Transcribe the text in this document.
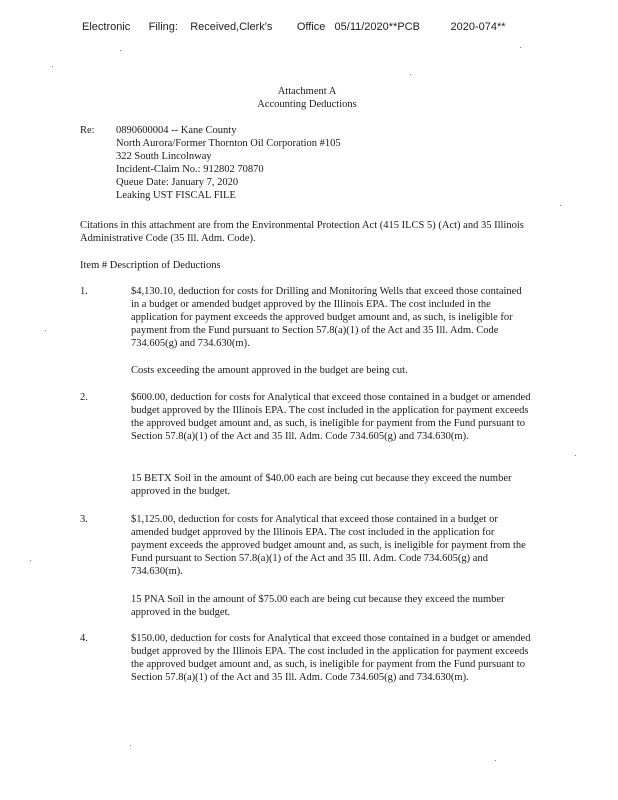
Electronic      Filing:    Received,Clerk's        Office   05/11/2020**PCB          2020-074**
Attachment A
Accounting Deductions
Re: 0890600004 -- Kane County
North Aurora/Former Thornton Oil Corporation #105
322 South Lincolnway
Incident-Claim No.: 912802 70870
Queue Date: January 7, 2020
Leaking UST FISCAL FILE
Citations in this attachment are from the Environmental Protection Act (415 ILCS 5) (Act) and 35 Illinois Administrative Code (35 Ill. Adm. Code).
Item # Description of Deductions
1.	$4,130.10, deduction for costs for Drilling and Monitoring Wells that exceed those contained in a budget or amended budget approved by the Illinois EPA. The cost included in the application for payment exceeds the approved budget amount and, as such, is ineligible for payment from the Fund pursuant to Section 57.8(a)(1) of the Act and 35 Ill. Adm. Code 734.605(g) and 734.630(m).
Costs exceeding the amount approved in the budget are being cut.
2.	$600.00, deduction for costs for Analytical that exceed those contained in a budget or amended budget approved by the Illinois EPA. The cost included in the application for payment exceeds the approved budget amount and, as such, is ineligible for payment from the Fund pursuant to Section 57.8(a)(1) of the Act and 35 Ill. Adm. Code 734.605(g) and 734.630(m).
15 BETX Soil in the amount of $40.00 each are being cut because they exceed the number approved in the budget.
3.	$1,125.00, deduction for costs for Analytical that exceed those contained in a budget or amended budget approved by the Illinois EPA. The cost included in the application for payment exceeds the approved budget amount and, as such, is ineligible for payment from the Fund pursuant to Section 57.8(a)(1) of the Act and 35 Ill. Adm. Code 734.605(g) and 734.630(m).
15 PNA Soil in the amount of $75.00 each are being cut because they exceed the number approved in the budget.
4.	$150.00, deduction for costs for Analytical that exceed those contained in a budget or amended budget approved by the Illinois EPA. The cost included in the application for payment exceeds the approved budget amount and, as such, is ineligible for payment from the Fund pursuant to Section 57.8(a)(1) of the Act and 35 Ill. Adm. Code 734.605(g) and 734.630(m).
